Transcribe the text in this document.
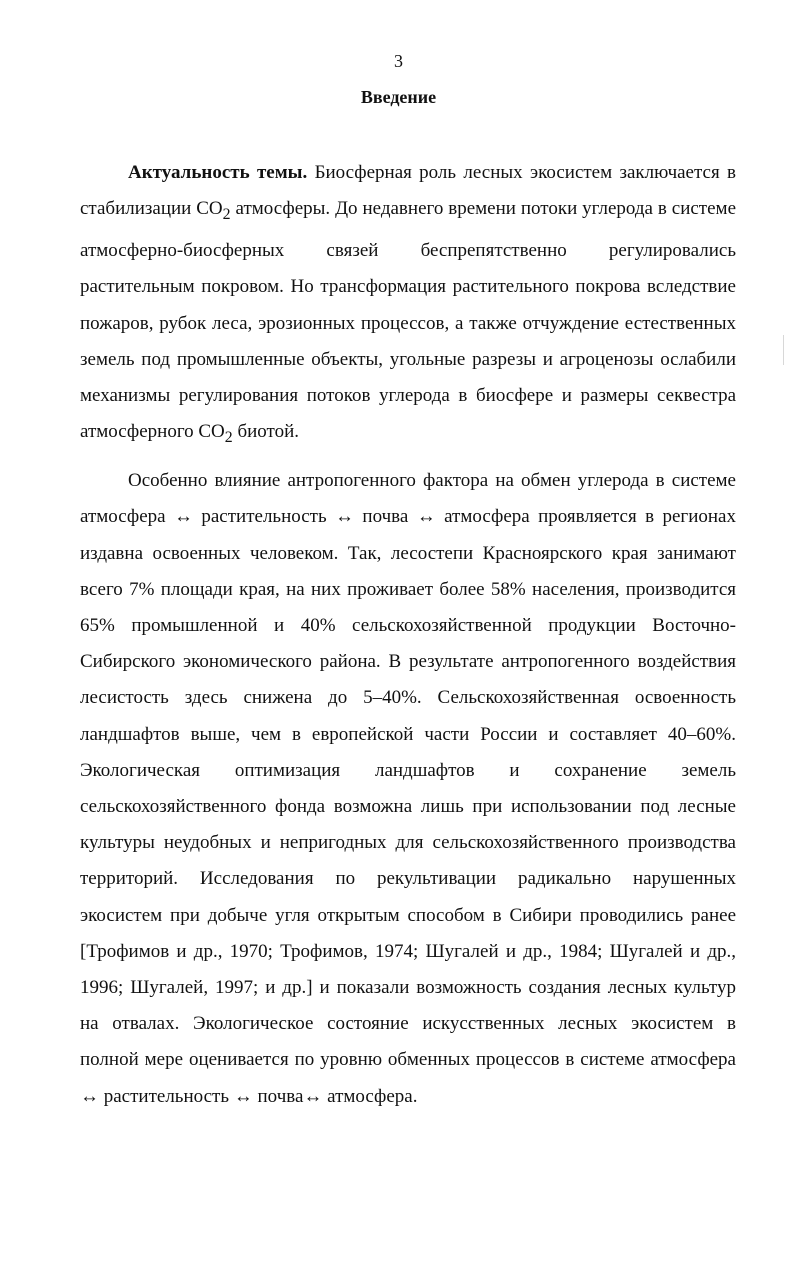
3
Введение

Актуальность темы. Биосферная роль лесных экосистем заключается в стабилизации $СО_2$ атмосферы. До недавнего времени потоки углерода в системе атмосферно-биосферных связей беспрепятственно регулировались растительным покровом. Но трансформация растительного покрова вследствие пожаров, рубок леса, эрозионных процессов, а также отчуждение естественных земель под промышленные объекты, угольные разрезы и агроценозы ослабили механизмы регулирования потоков углерода в биосфере и размеры секвестра атмосферного $СО_2$ биотой.

Особенно влияние антропогенного фактора на обмен углерода в системе атмосфера ↔ растительность ↔ почва ↔ атмосфера проявляется в регионах издавна освоенных человеком. Так, лесостепи Красноярского края занимают всего 7% площади края, на них проживает более 58% населения, производится 65% промышленной и 40% сельскохозяйственной продукции Восточно-Сибирского экономического района. В результате антропогенного воздействия лесистость здесь снижена до 5–40%. Сельскохозяйственная освоенность ландшафтов выше, чем в европейской части России и составляет 40–60%. Экологическая оптимизация ландшафтов и сохранение земель сельскохозяйственного фонда возможна лишь при использовании под лесные культуры неудобных и непригодных для сельскохозяйственного производства территорий. Исследования по рекультивации радикально нарушенных экосистем при добыче угля открытым способом в Сибири проводились ранее [Трофимов и др., 1970; Трофимов, 1974; Шугалей и др., 1984; Шугалей и др., 1996; Шугалей, 1997; и др.] и показали возможность создания лесных культур на отвалах. Экологическое состояние искусственных лесных экосистем в полной мере оценивается по уровню обменных процессов в системе атмосфера ↔ растительность ↔ почва↔ атмосфера.
